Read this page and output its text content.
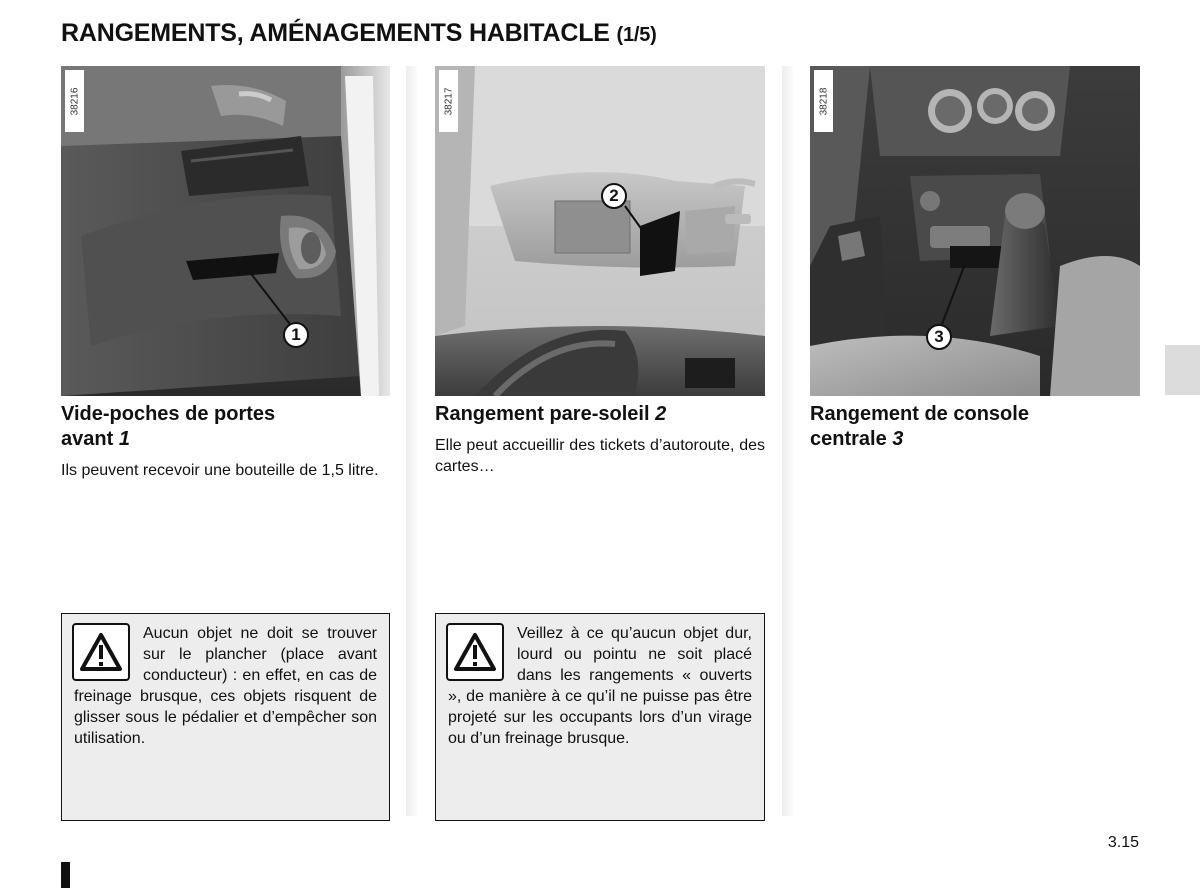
RANGEMENTS, AMÉNAGEMENTS HABITACLE (1/5)
38216
1
38217
2
38218
3
Vide-poches de portes
avant 1

Ils peuvent recevoir une bouteille de 1,5 litre.

Rangement pare-soleil 2

Elle peut accueillir des tickets d’autoroute, des cartes…

Rangement de console
centrale 3

Aucun objet ne doit se trouver sur le plancher (place avant conducteur) : en effet, en cas de freinage brusque, ces objets risquent de glisser sous le pédalier et d’empêcher son utilisation.

Veillez à ce qu’aucun objet dur, lourd ou pointu ne soit placé dans les rangements « ouverts », de manière à ce qu’il ne puisse pas être projeté sur les occupants lors d’un virage ou d’un freinage brusque.

3.15
